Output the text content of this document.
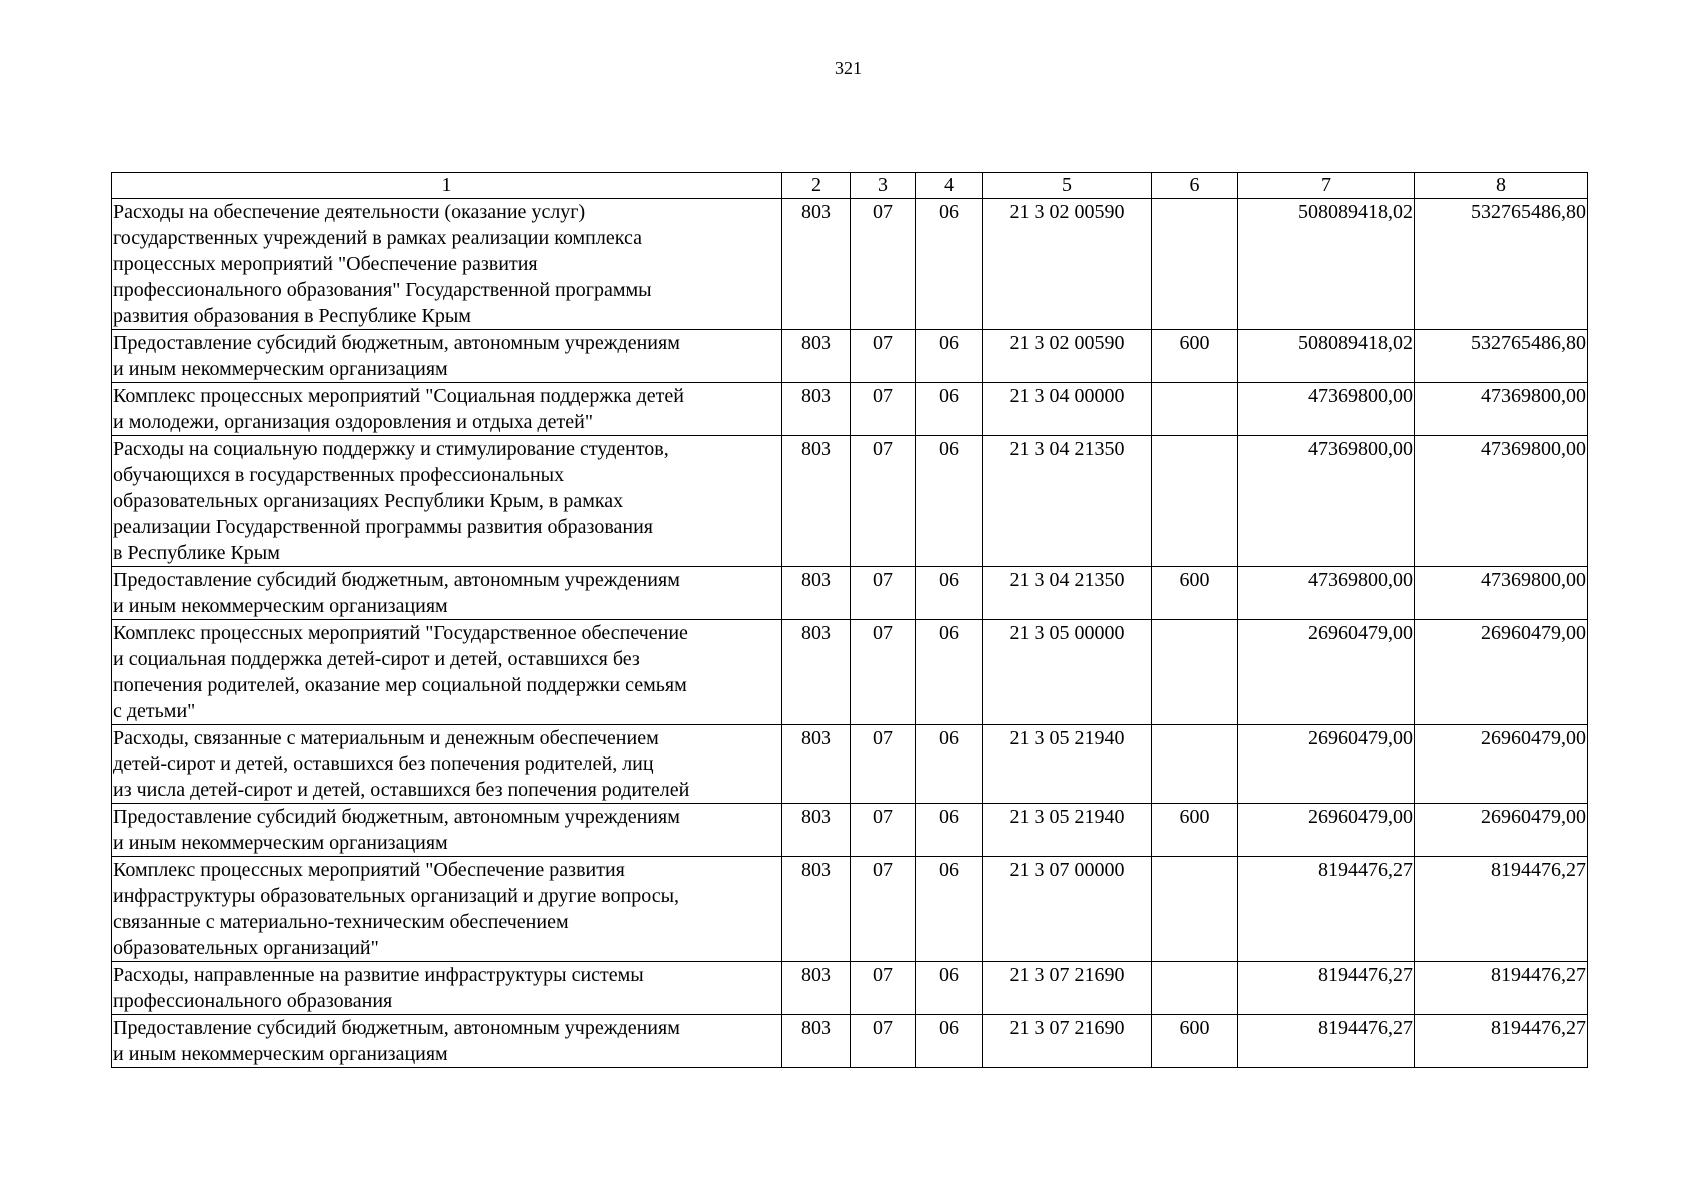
321
1	2	3	4	5	6	7	8
Расходы на обеспечение деятельности (оказание услуг)
государственных учреждений в рамках реализации комплекса
процессных мероприятий "Обеспечение развития
профессионального образования" Государственной программы
развития образования в Республике Крым	803	07	06	21 3 02 00590		508089418,02	532765486,80
Предоставление субсидий бюджетным, автономным учреждениям
и иным некоммерческим организациям	803	07	06	21 3 02 00590	600	508089418,02	532765486,80
Комплекс процессных мероприятий "Социальная поддержка детей
и молодежи, организация оздоровления и отдыха детей"	803	07	06	21 3 04 00000		47369800,00	47369800,00
Расходы на социальную поддержку и стимулирование студентов,
обучающихся в государственных профессиональных
образовательных организациях Республики Крым, в рамках
реализации Государственной программы развития образования
в Республике Крым	803	07	06	21 3 04 21350		47369800,00	47369800,00
Предоставление субсидий бюджетным, автономным учреждениям
и иным некоммерческим организациям	803	07	06	21 3 04 21350	600	47369800,00	47369800,00
Комплекс процессных мероприятий "Государственное обеспечение
и социальная поддержка детей-сирот и детей, оставшихся без
попечения родителей, оказание мер социальной поддержки семьям
с детьми"	803	07	06	21 3 05 00000		26960479,00	26960479,00
Расходы, связанные с материальным и денежным обеспечением
детей-сирот и детей, оставшихся без попечения родителей, лиц
из числа детей-сирот и детей, оставшихся без попечения родителей	803	07	06	21 3 05 21940		26960479,00	26960479,00
Предоставление субсидий бюджетным, автономным учреждениям
и иным некоммерческим организациям	803	07	06	21 3 05 21940	600	26960479,00	26960479,00
Комплекс процессных мероприятий "Обеспечение развития
инфраструктуры образовательных организаций и другие вопросы,
связанные с материально-техническим обеспечением
образовательных организаций"	803	07	06	21 3 07 00000		8194476,27	8194476,27
Расходы, направленные на развитие инфраструктуры системы
профессионального образования	803	07	06	21 3 07 21690		8194476,27	8194476,27
Предоставление субсидий бюджетным, автономным учреждениям
и иным некоммерческим организациям	803	07	06	21 3 07 21690	600	8194476,27	8194476,27
